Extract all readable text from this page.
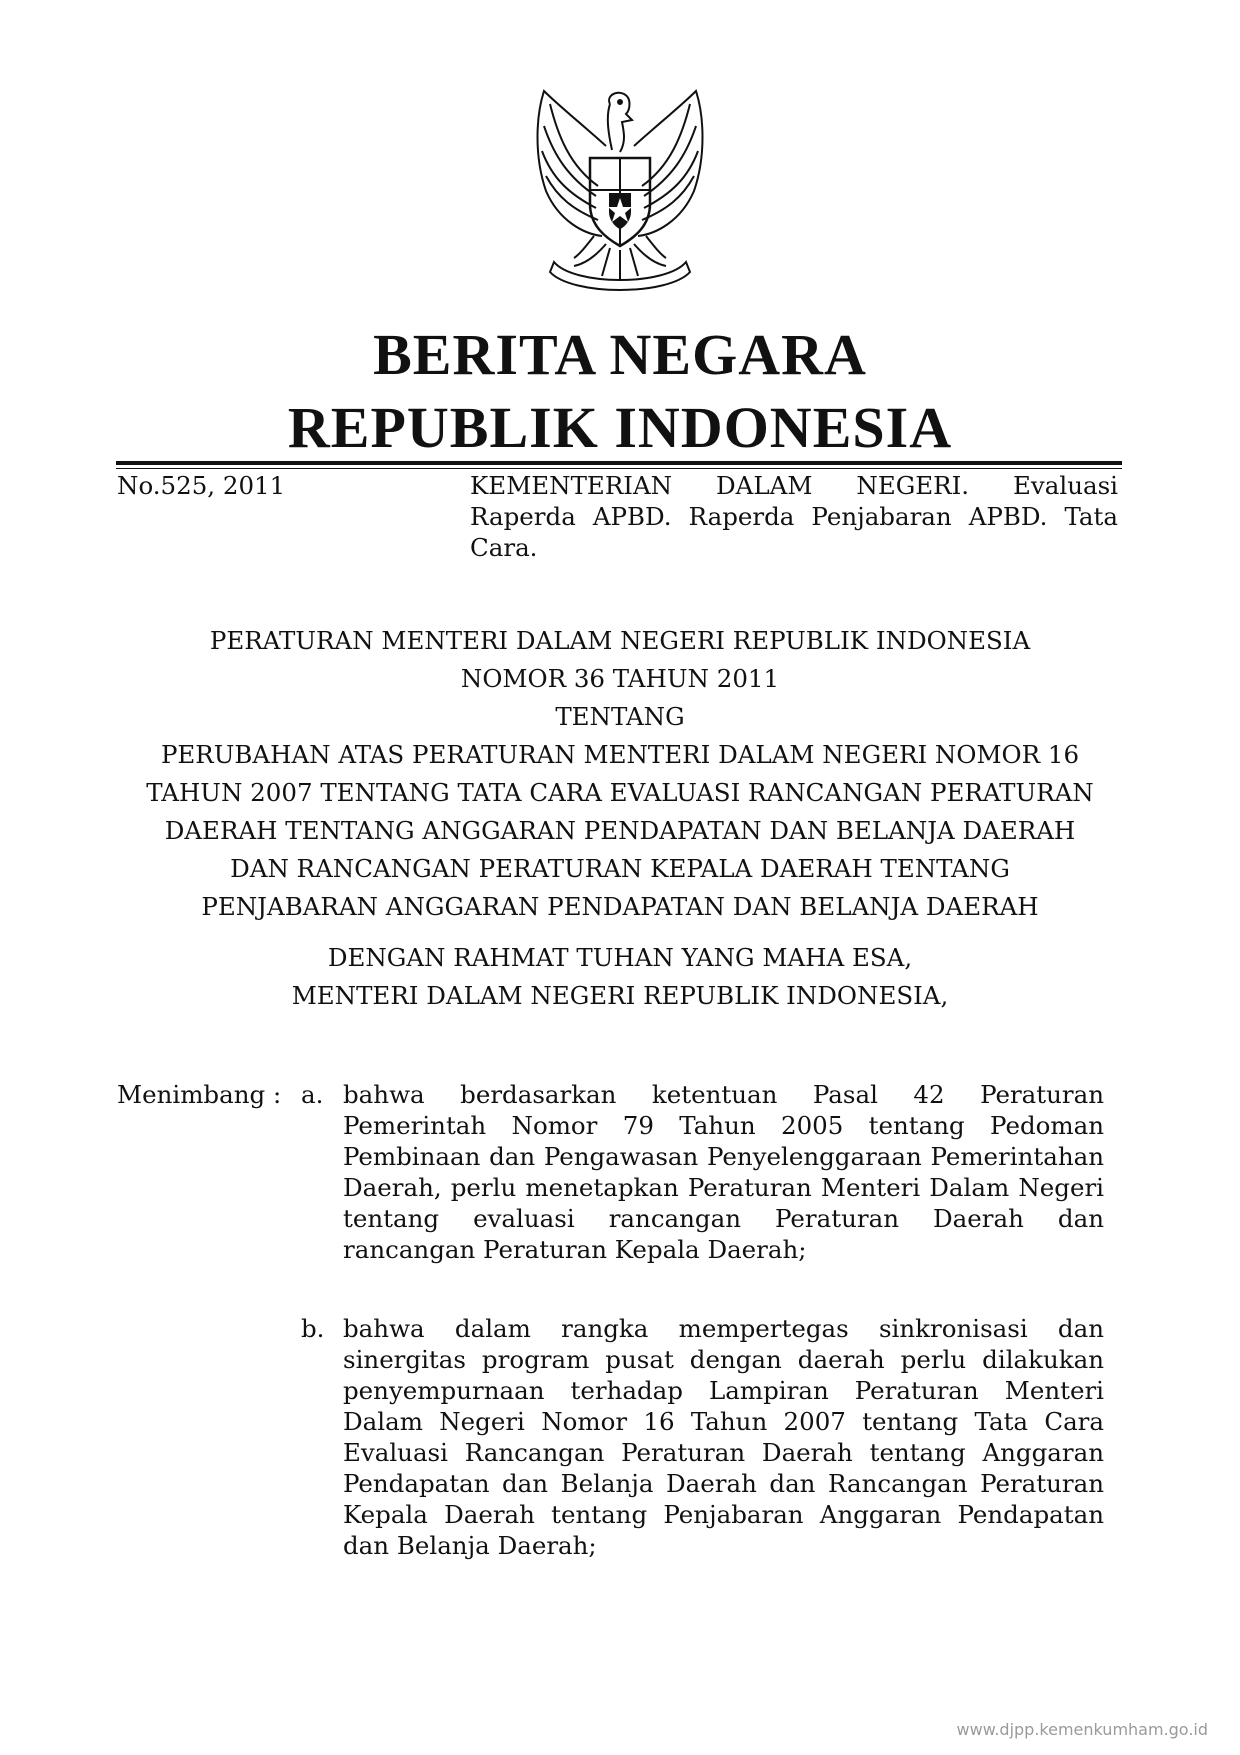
BERITA NEGARA
REPUBLIK INDONESIA
No.525, 2011	KEMENTERIAN DALAM NEGERI. Evaluasi Raperda APBD. Raperda Penjabaran APBD. Tata Cara.
PERATURAN MENTERI DALAM NEGERI REPUBLIK INDONESIA
NOMOR 36 TAHUN 2011
TENTANG
PERUBAHAN ATAS PERATURAN MENTERI DALAM NEGERI NOMOR 16
TAHUN 2007 TENTANG TATA CARA EVALUASI RANCANGAN PERATURAN
DAERAH TENTANG ANGGARAN PENDAPATAN DAN BELANJA DAERAH
DAN RANCANGAN PERATURAN KEPALA DAERAH TENTANG
PENJABARAN ANGGARAN PENDAPATAN DAN BELANJA DAERAH
DENGAN RAHMAT TUHAN YANG MAHA ESA,
MENTERI DALAM NEGERI REPUBLIK INDONESIA,
Menimbang : a. bahwa berdasarkan ketentuan Pasal 42 Peraturan Pemerintah Nomor 79 Tahun 2005 tentang Pedoman Pembinaan dan Pengawasan Penyelenggaraan Pemerintahan Daerah, perlu menetapkan Peraturan Menteri Dalam Negeri tentang evaluasi rancangan Peraturan Daerah dan rancangan Peraturan Kepala Daerah;
b. bahwa dalam rangka mempertegas sinkronisasi dan sinergitas program pusat dengan daerah perlu dilakukan penyempurnaan terhadap Lampiran Peraturan Menteri Dalam Negeri Nomor 16 Tahun 2007 tentang Tata Cara Evaluasi Rancangan Peraturan Daerah tentang Anggaran Pendapatan dan Belanja Daerah dan Rancangan Peraturan Kepala Daerah tentang Penjabaran Anggaran Pendapatan dan Belanja Daerah;
www.djpp.kemenkumham.go.id
